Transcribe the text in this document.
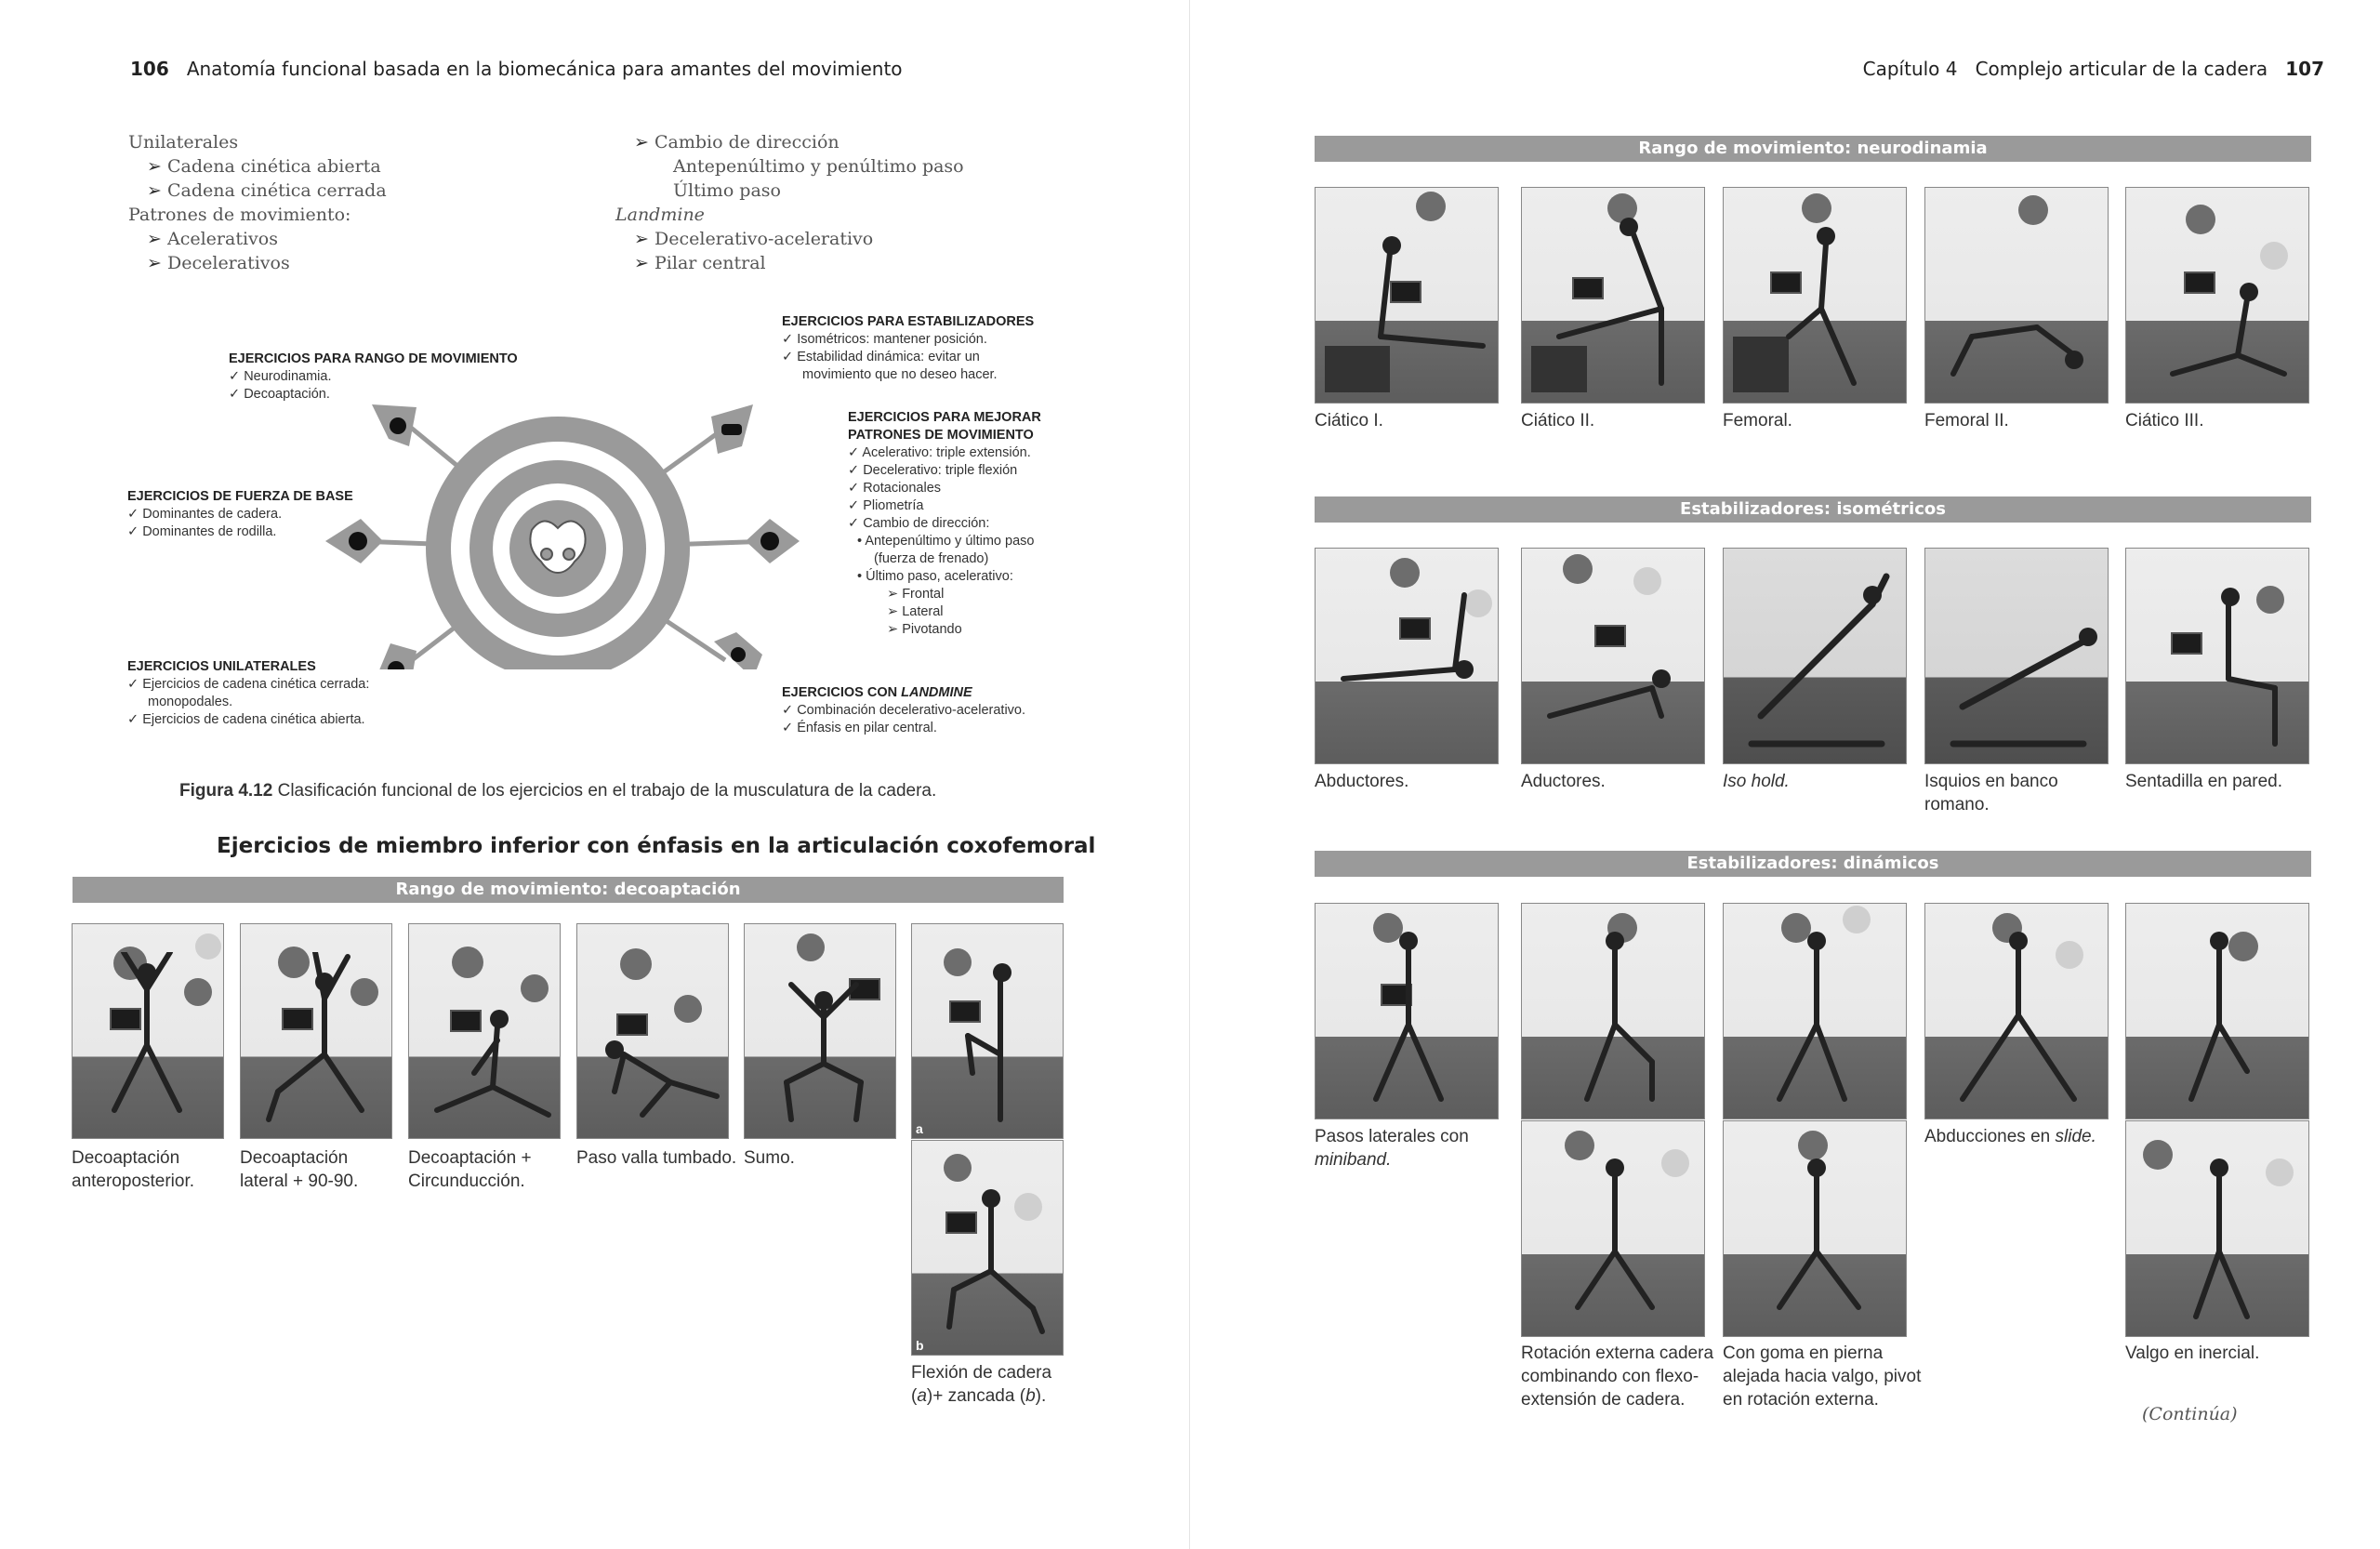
106 Anatomía funcional basada en la biomecánica para amantes del movimiento
Unilaterales
➢ Cadena cinética abierta
➢ Cadena cinética cerrada
Patrones de movimiento:
➢ Acelerativos
➢ Decelerativos
➢ Cambio de dirección
Antepenúltimo y penúltimo paso
Último paso
Landmine
➢ Decelerativo-acelerativo
➢ Pilar central
EJERCICIOS PARA RANGO DE MOVIMIENTO
✓ Neurodinamia.
✓ Decoaptación.
EJERCICIOS DE FUERZA DE BASE
✓ Dominantes de cadera.
✓ Dominantes de rodilla.
EJERCICIOS UNILATERALES
✓ Ejercicios de cadena cinética cerrada:
monopodales.
✓ Ejercicios de cadena cinética abierta.
EJERCICIOS PARA ESTABILIZADORES
✓ Isométricos: mantener posición.
✓ Estabilidad dinámica: evitar un
movimiento que no deseo hacer.
EJERCICIOS PARA MEJORAR
PATRONES DE MOVIMIENTO
✓ Acelerativo: triple extensión.
✓ Decelerativo: triple flexión
✓ Rotacionales
✓ Pliometría
✓ Cambio de dirección:
• Antepenúltimo y último paso
(fuerza de frenado)
• Último paso, acelerativo:
➢ Frontal
➢ Lateral
➢ Pivotando
EJERCICIOS CON LANDMINE
✓ Combinación decelerativo-acelerativo.
✓ Énfasis en pilar central.
Figura 4.12 Clasificación funcional de los ejercicios en el trabajo de la musculatura de la cadera.
Ejercicios de miembro inferior con énfasis en la articulación coxofemoral
Rango de movimiento: decoaptación
a
b
Decoaptación
anteroposterior.
Decoaptación
lateral + 90-90.
Decoaptación +
Circunducción.
Paso valla tumbado. Sumo.
Flexión de cadera
(a)+ zancada (b).
Capítulo 4 Complejo articular de la cadera 107
Rango de movimiento: neurodinamia
Ciático I.	Ciático II.	Femoral.	Femoral II.	Ciático III.
Estabilizadores: isométricos
Abductores.	Aductores.	Iso hold.	Isquios en banco
romano.
Sentadilla en pared.
Estabilizadores: dinámicos
Pasos laterales con
miniband.
Abducciones en slide.
Rotación externa cadera
combinando con flexo-
extensión de cadera.
Con goma en pierna
alejada hacia valgo, pivot
en rotación externa.
Valgo en inercial.
(Continúa)
